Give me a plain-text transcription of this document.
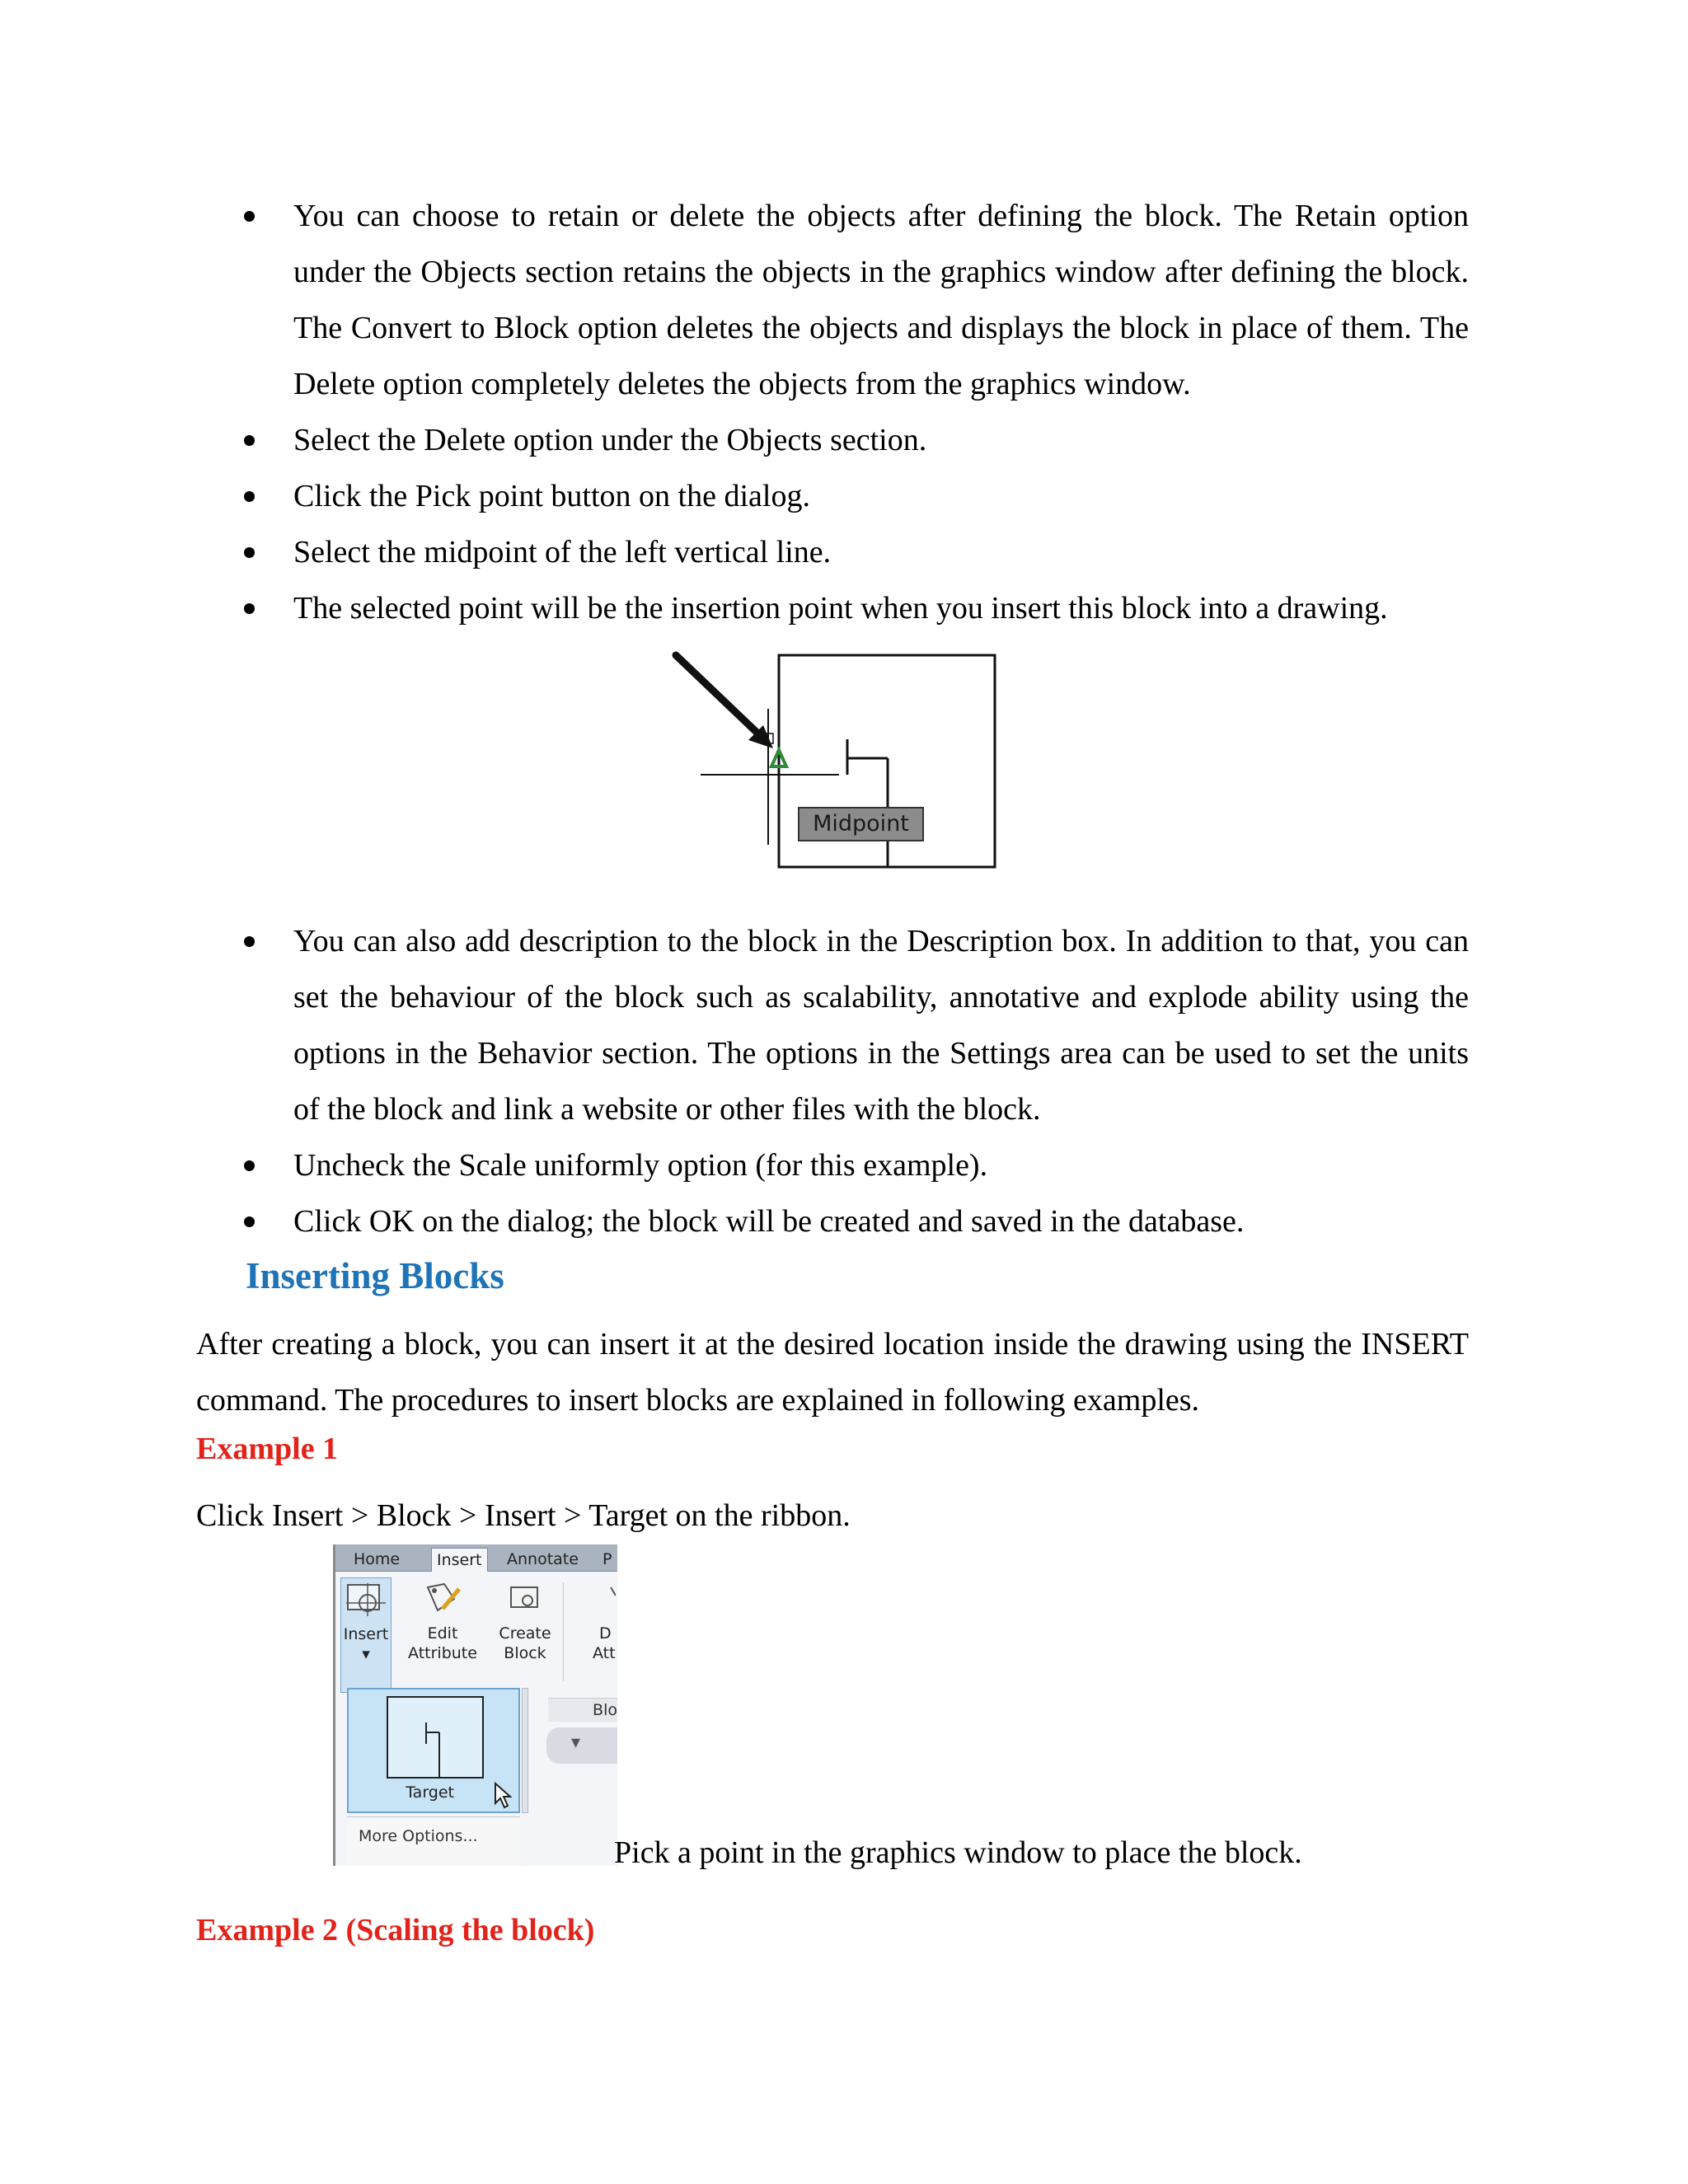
You can choose to retain or delete the objects after defining the block. The Retain option under the Objects section retains the objects in the graphics window after defining the block. The Convert to Block option deletes the objects and displays the block in place of them. The Delete option completely deletes the objects from the graphics window.
Select the Delete option under the Objects section.
Click the Pick point button on the dialog.
Select the midpoint of the left vertical line.
The selected point will be the insertion point when you insert this block into a drawing.
Midpoint
You can also add description to the block in the Description box. In addition to that, you can set the behaviour of the block such as scalability, annotative and explode ability using the options in the Behavior section. The options in the Settings area can be used to set the units of the block and link a website or other files with the block.
Uncheck the Scale uniformly option (for this example).
Click OK on the dialog; the block will be created and saved in the database.
Inserting Blocks

After creating a block, you can insert it at the desired location inside the drawing using the INSERT command. The procedures to insert blocks are explained in following examples.

Example 1

Click Insert > Block > Insert > Target on the ribbon.

Home	Insert	Annotate	P
Insert
▾
Edit
Attribute
Create
Block
D
Att
Blo
▾
Target
More Options...	Pick a point in the graphics window to place the block.

Example 2 (Scaling the block)
